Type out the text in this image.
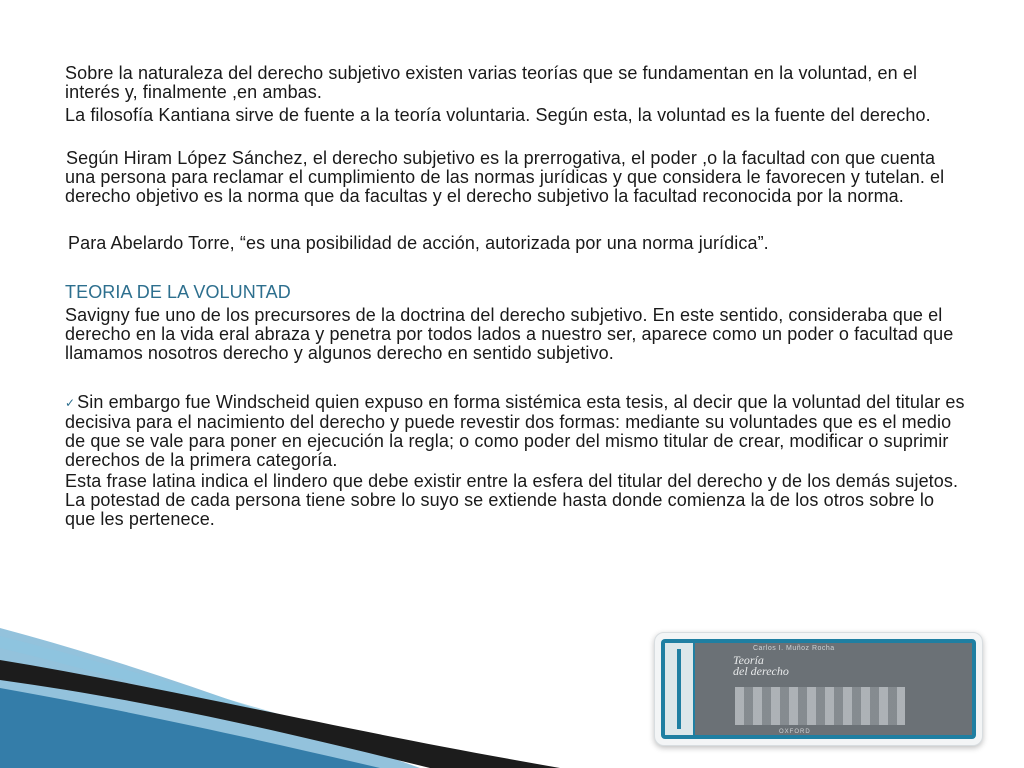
Sobre la naturaleza del derecho subjetivo existen varias teorías que se fundamentan en la voluntad, en el interés y, finalmente ,en ambas.

La filosofía Kantiana sirve de fuente a la teoría voluntaria. Según esta, la voluntad es la fuente del derecho.

Según Hiram López Sánchez, el derecho subjetivo es la prerrogativa, el poder ,o la facultad con que cuenta una persona para reclamar el cumplimiento de las normas jurídicas y que considera le favorecen y tutelan. el derecho objetivo es la norma que da facultas y el derecho subjetivo la facultad reconocida por la norma.

Para Abelardo Torre, “es una posibilidad de acción, autorizada por una norma jurídica”.

TEORIA DE LA VOLUNTAD

Savigny fue uno de los precursores de la doctrina del derecho subjetivo. En este sentido, consideraba que el derecho en la vida eral abraza y penetra por todos lados a nuestro ser, aparece como un poder o facultad que llamamos nosotros derecho y algunos derecho en sentido subjetivo.

✓ Sin embargo fue Windscheid quien expuso en forma sistémica esta tesis, al decir que la voluntad del titular es decisiva para el nacimiento del derecho y puede revestir dos formas: mediante su voluntades que es el medio de que se vale para poner en ejecución la regla; o como poder del mismo titular de crear, modificar o suprimir derechos de la primera categoría.

Esta frase latina indica el lindero que debe existir entre la esfera del titular del derecho y de los demás sujetos. La potestad de cada persona tiene sobre lo suyo se extiende hasta donde comienza la de los otros sobre lo que les pertenece.

Carlos I. Muñoz Rocha
Teoría
del derecho
OXFORD
